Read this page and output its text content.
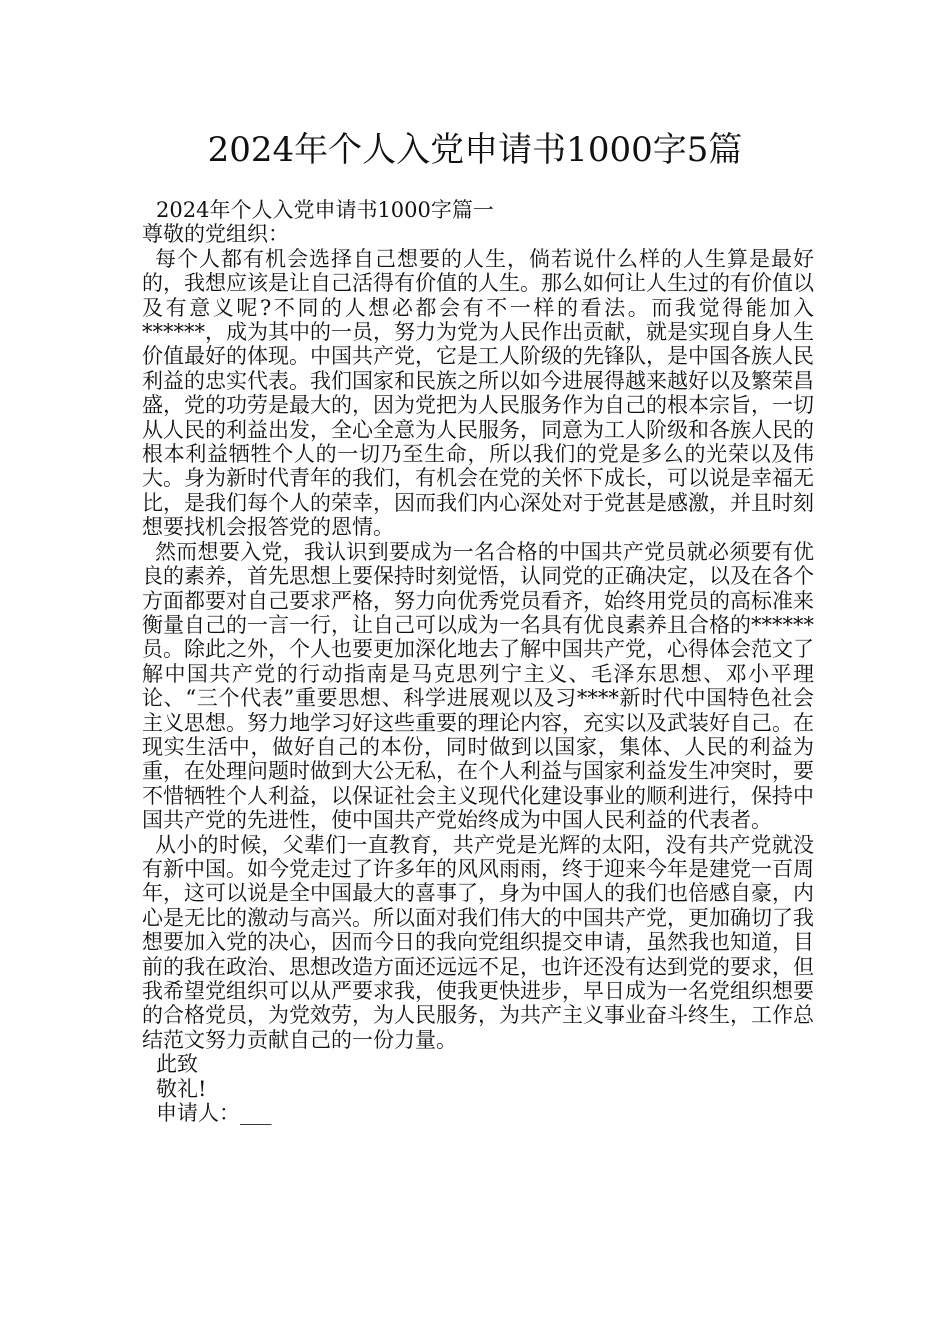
2024年个人入党申请书1000字5篇

2024年个人入党申请书1000字篇一

尊敬的党组织：

每个人都有机会选择自己想要的人生，倘若说什么样的人生算是最好的，我想应该是让自己活得有价值的人生。那么如何让人生过的有价值以及有意义呢?不同的人想必都会有不一样的看法。而我觉得能加入******，成为其中的一员，努力为党为人民作出贡献，就是实现自身人生价值最好的体现。中国共产党，它是工人阶级的先锋队，是中国各族人民利益的忠实代表。我们国家和民族之所以如今进展得越来越好以及繁荣昌盛，党的功劳是最大的，因为党把为人民服务作为自己的根本宗旨，一切从人民的利益出发，全心全意为人民服务，同意为工人阶级和各族人民的根本利益牺牲个人的一切乃至生命，所以我们的党是多么的光荣以及伟大。身为新时代青年的我们，有机会在党的关怀下成长，可以说是幸福无比，是我们每个人的荣幸，因而我们内心深处对于党甚是感激，并且时刻想要找机会报答党的恩情。

然而想要入党，我认识到要成为一名合格的中国共产党员就必须要有优良的素养，首先思想上要保持时刻觉悟，认同党的正确决定，以及在各个方面都要对自己要求严格，努力向优秀党员看齐，始终用党员的高标准来衡量自己的一言一行，让自己可以成为一名具有优良素养且合格的******员。除此之外，个人也要更加深化地去了解中国共产党，心得体会范文了解中国共产党的行动指南是马克思列宁主义、毛泽东思想、邓小平理论、“三个代表”重要思想、科学进展观以及习****新时代中国特色社会主义思想。努力地学习好这些重要的理论内容，充实以及武装好自己。在现实生活中，做好自己的本份，同时做到以国家，集体、人民的利益为重，在处理问题时做到大公无私，在个人利益与国家利益发生冲突时，要不惜牺牲个人利益，以保证社会主义现代化建设事业的顺利进行，保持中国共产党的先进性，使中国共产党始终成为中国人民利益的代表者。

从小的时候，父辈们一直教育，共产党是光辉的太阳，没有共产党就没有新中国。如今党走过了许多年的风风雨雨，终于迎来今年是建党一百周年，这可以说是全中国最大的喜事了，身为中国人的我们也倍感自豪，内心是无比的激动与高兴。所以面对我们伟大的中国共产党，更加确切了我想要加入党的决心，因而今日的我向党组织提交申请，虽然我也知道，目前的我在政治、思想改造方面还远远不足，也许还没有达到党的要求，但我希望党组织可以从严要求我，使我更快进步，早日成为一名党组织想要的合格党员，为党效劳，为人民服务，为共产主义事业奋斗终生，工作总结范文努力贡献自己的一份力量。

此致

敬礼!

申请人：___
